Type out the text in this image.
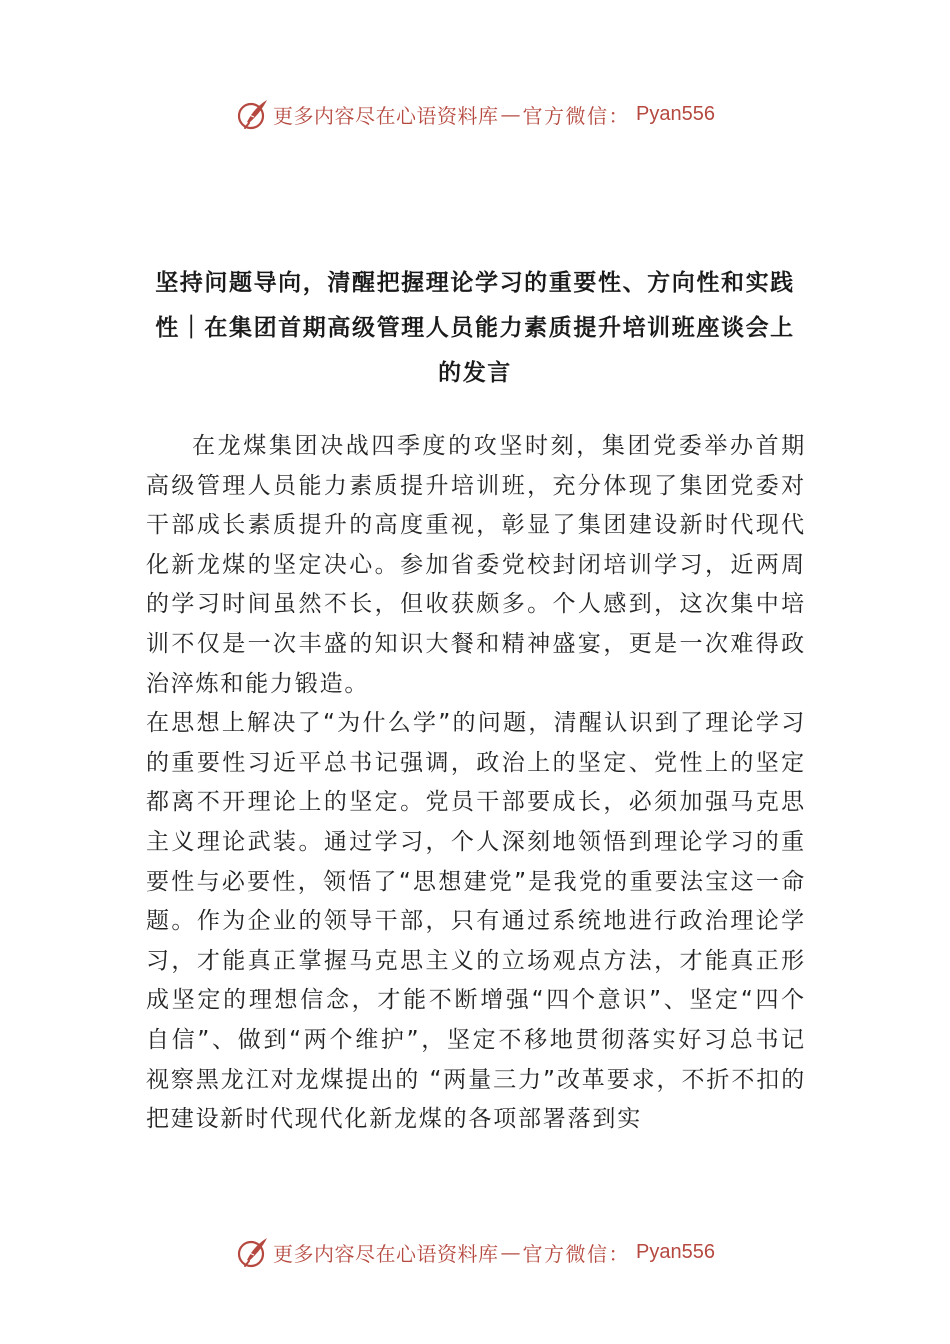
更多内容尽在心语资料库 — 官方微信： Pyan556
坚持问题导向，清醒把握理论学习的重要性、方向性和实践性｜在集团首期高级管理人员能力素质提升培训班座谈会上的发言

在龙煤集团决战四季度的攻坚时刻，集团党委举办首期高级管理人员能力素质提升培训班，充分体现了集团党委对干部成长素质提升的高度重视，彰显了集团建设新时代现代化新龙煤的坚定决心。参加省委党校封闭培训学习，近两周的学习时间虽然不长，但收获颇多。个人感到，这次集中培训不仅是一次丰盛的知识大餐和精神盛宴，更是一次难得政治淬炼和能力锻造。

在思想上解决了“为什么学”的问题，清醒认识到了理论学习的重要性习近平总书记强调，政治上的坚定、党性上的坚定都离不开理论上的坚定。党员干部要成长，必须加强马克思主义理论武装。通过学习，个人深刻地领悟到理论学习的重要性与必要性，领悟了“思想建党”是我党的重要法宝这一命题。作为企业的领导干部，只有通过系统地进行政治理论学习，才能真正掌握马克思主义的立场观点方法，才能真正形成坚定的理想信念，才能不断增强“四个意识”、坚定“四个自信”、做到“两个维护”，坚定不移地贯彻落实好习总书记视察黑龙江对龙煤提出的 “两量三力”改革要求，不折不扣的把建设新时代现代化新龙煤的各项部署落到实

更多内容尽在心语资料库 — 官方微信： Pyan556
